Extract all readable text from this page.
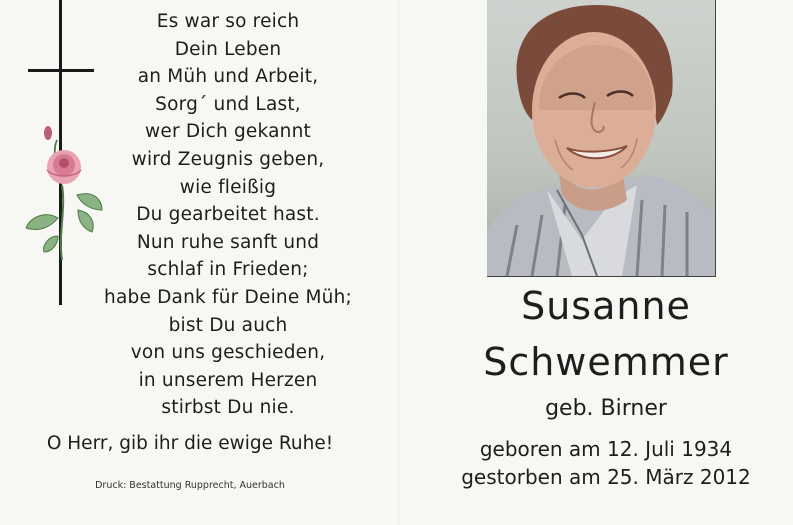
Es war so reich
Dein Leben
an Müh und Arbeit,
Sorg´ und Last,
wer Dich gekannt
wird Zeugnis geben,
wie fleißig
Du gearbeitet hast.
Nun ruhe sanft und
schlaf in Frieden;
habe Dank für Deine Müh;
bist Du auch
von uns geschieden,
in unserem Herzen
stirbst Du nie.
O Herr, gib ihr die ewige Ruhe!
Druck: Bestattung Rupprecht, Auerbach
Susanne
Schwemmer
geb. Birner
geboren am 12. Juli 1934
gestorben am 25. März 2012
